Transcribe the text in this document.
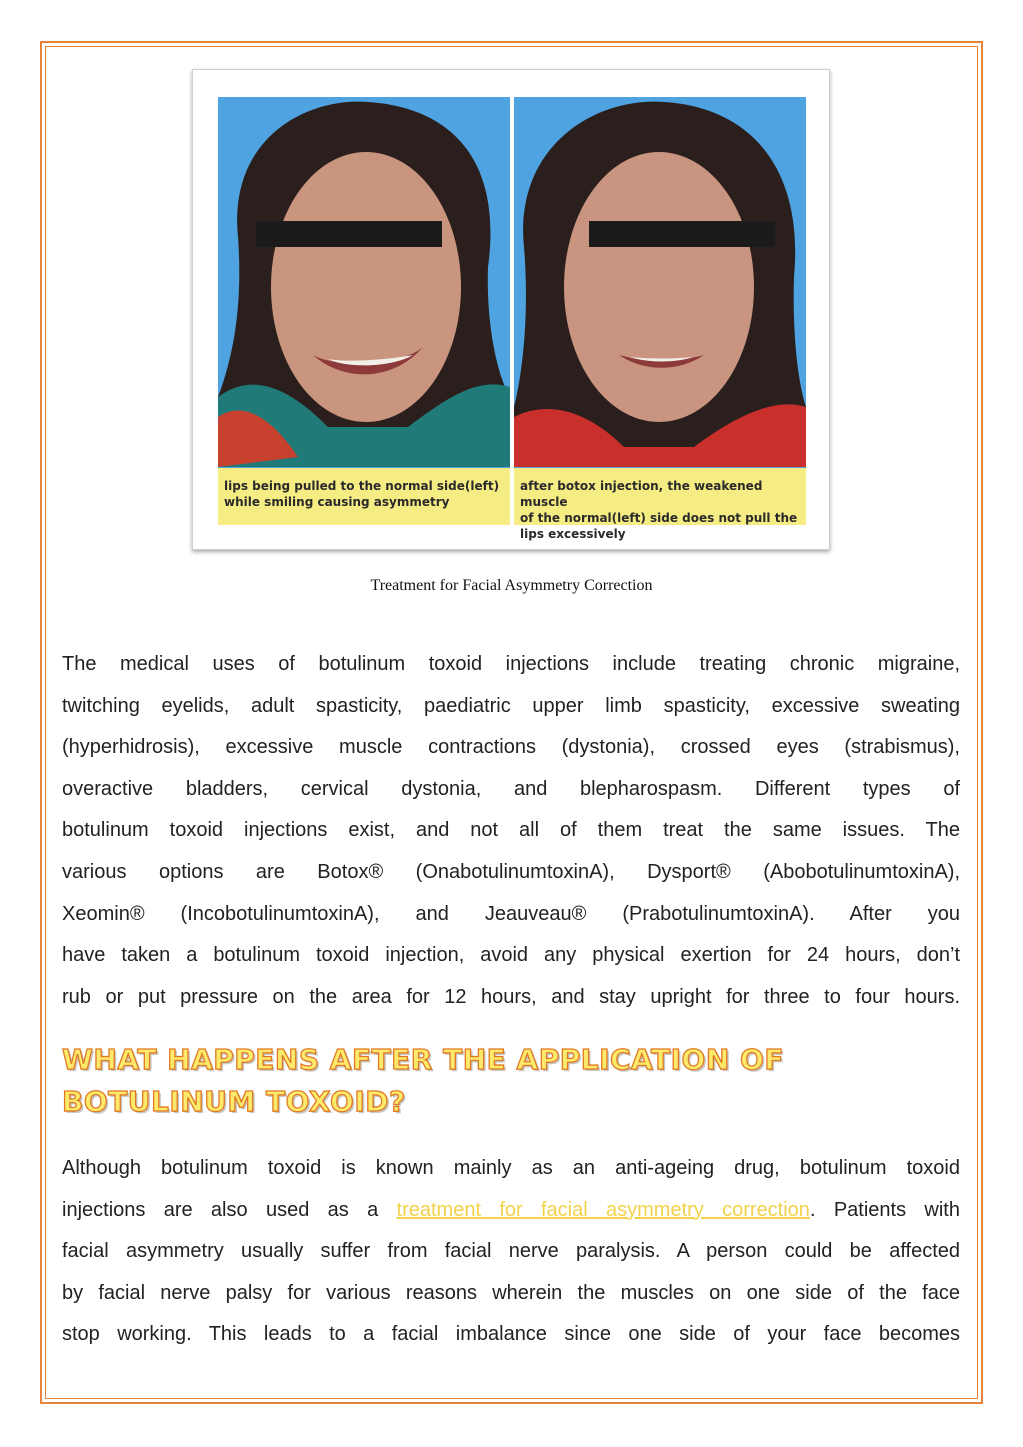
lips being pulled to the normal side(left)
while smiling causing asymmetry
after botox injection, the weakened muscle
of the normal(left) side does not pull the
lips excessively
Treatment for Facial Asymmetry Correction
The medical uses of botulinum toxoid injections include treating chronic migraine,
twitching eyelids, adult spasticity, paediatric upper limb spasticity, excessive sweating
(hyperhidrosis), excessive muscle contractions (dystonia), crossed eyes (strabismus),
overactive bladders, cervical dystonia, and blepharospasm. Different types of
botulinum toxoid injections exist, and not all of them treat the same issues. The
various options are Botox® (OnabotulinumtoxinA), Dysport® (AbobotulinumtoxinA),
Xeomin® (IncobotulinumtoxinA), and Jeauveau® (PrabotulinumtoxinA). After you
have taken a botulinum toxoid injection, avoid any physical exertion for 24 hours, don’t
rub or put pressure on the area for 12 hours, and stay upright for three to four hours.
WHAT HAPPENS AFTER THE APPLICATION OF
BOTULINUM TOXOID?
Although botulinum toxoid is known mainly as an anti-ageing drug, botulinum toxoid
injections are also used as a treatment for facial asymmetry correction. Patients with
facial asymmetry usually suffer from facial nerve paralysis. A person could be affected
by facial nerve palsy for various reasons wherein the muscles on one side of the face
stop working. This leads to a facial imbalance since one side of your face becomes
